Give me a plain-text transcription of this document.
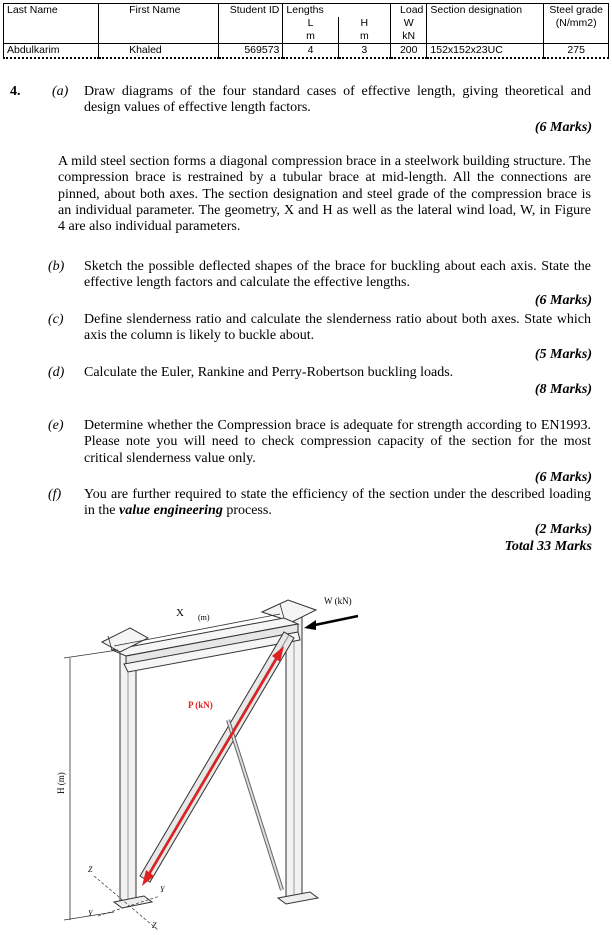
Last Name	First Name	Student ID	Lengths		Load	Section designation	Steel grade
			L	H	W		(N/mm2)
			m	m	kN		
Abdulkarim	Khaled	569573	4	3	200	152x152x23UC	275
4. (a) Draw diagrams of the four standard cases of effective length, giving theoretical and design values of effective length factors.
(6 Marks)
A mild steel section forms a diagonal compression brace in a steelwork building structure. The compression brace is restrained by a tubular brace at mid-length. All the connections are pinned, about both axes. The section designation and steel grade of the compression brace is an individual parameter. The geometry, X and H as well as the lateral wind load, W, in Figure 4 are also individual parameters.
(b) Sketch the possible deflected shapes of the brace for buckling about each axis. State the effective length factors and calculate the effective lengths.
(6 Marks)
(c) Define slenderness ratio and calculate the slenderness ratio about both axes. State which axis the column is likely to buckle about.
(5 Marks)
(d) Calculate the Euler, Rankine and Perry-Robertson buckling loads.
(8 Marks)
(e) Determine whether the Compression brace is adequate for strength according to EN1993. Please note you will need to check compression capacity of the section for the most critical slenderness value only.
(6 Marks)
(f) You are further required to state the efficiency of the section under the described loading in the value engineering process.
(2 Marks)
Total 33 Marks
X (m)
W (kN)
P (kN)
H (m)
Z
Y
Y
Z
